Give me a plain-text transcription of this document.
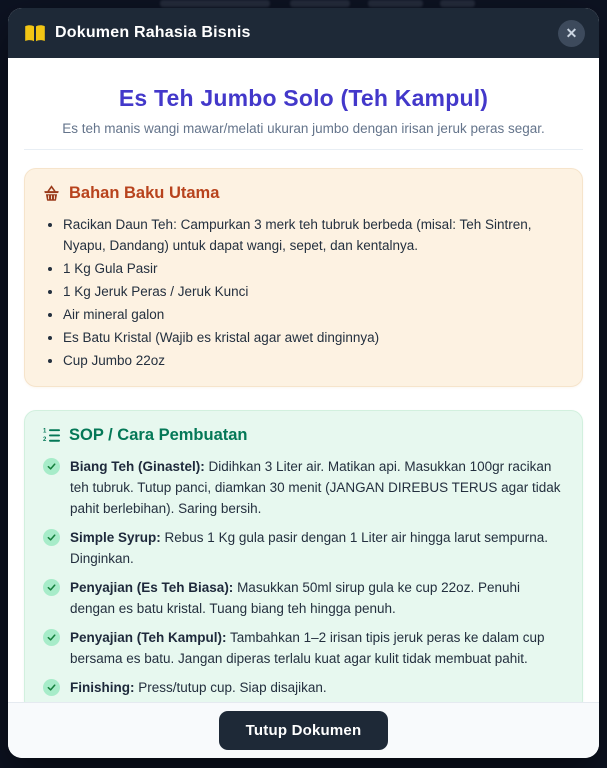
Dokumen Rahasia Bisnis	✕
Es Teh Jumbo Solo (Teh Kampul)
Es teh manis wangi mawar/melati ukuran jumbo dengan irisan jeruk peras segar.
Bahan Baku Utama
• Racikan Daun Teh: Campurkan 3 merk teh tubruk berbeda (misal: Teh Sintren, Nyapu, Dandang) untuk dapat wangi, sepet, dan kentalnya.
• 1 Kg Gula Pasir
• 1 Kg Jeruk Peras / Jeruk Kunci
• Air mineral galon
• Es Batu Kristal (Wajib es kristal agar awet dinginnya)
• Cup Jumbo 22oz
1
2 SOP / Cara Pembuatan
Biang Teh (Ginastel): Didihkan 3 Liter air. Matikan api. Masukkan 100gr racikan teh tubruk. Tutup panci, diamkan 30 menit (JANGAN DIREBUS TERUS agar tidak pahit berlebihan). Saring bersih.
Simple Syrup: Rebus 1 Kg gula pasir dengan 1 Liter air hingga larut sempurna. Dinginkan.
Penyajian (Es Teh Biasa): Masukkan 50ml sirup gula ke cup 22oz. Penuhi dengan es batu kristal. Tuang biang teh hingga penuh.
Penyajian (Teh Kampul): Tambahkan 1–2 irisan tipis jeruk peras ke dalam cup bersama es batu. Jangan diperas terlalu kuat agar kulit tidak membuat pahit.
Finishing: Press/tutup cup. Siap disajikan.
Tutup Dokumen
